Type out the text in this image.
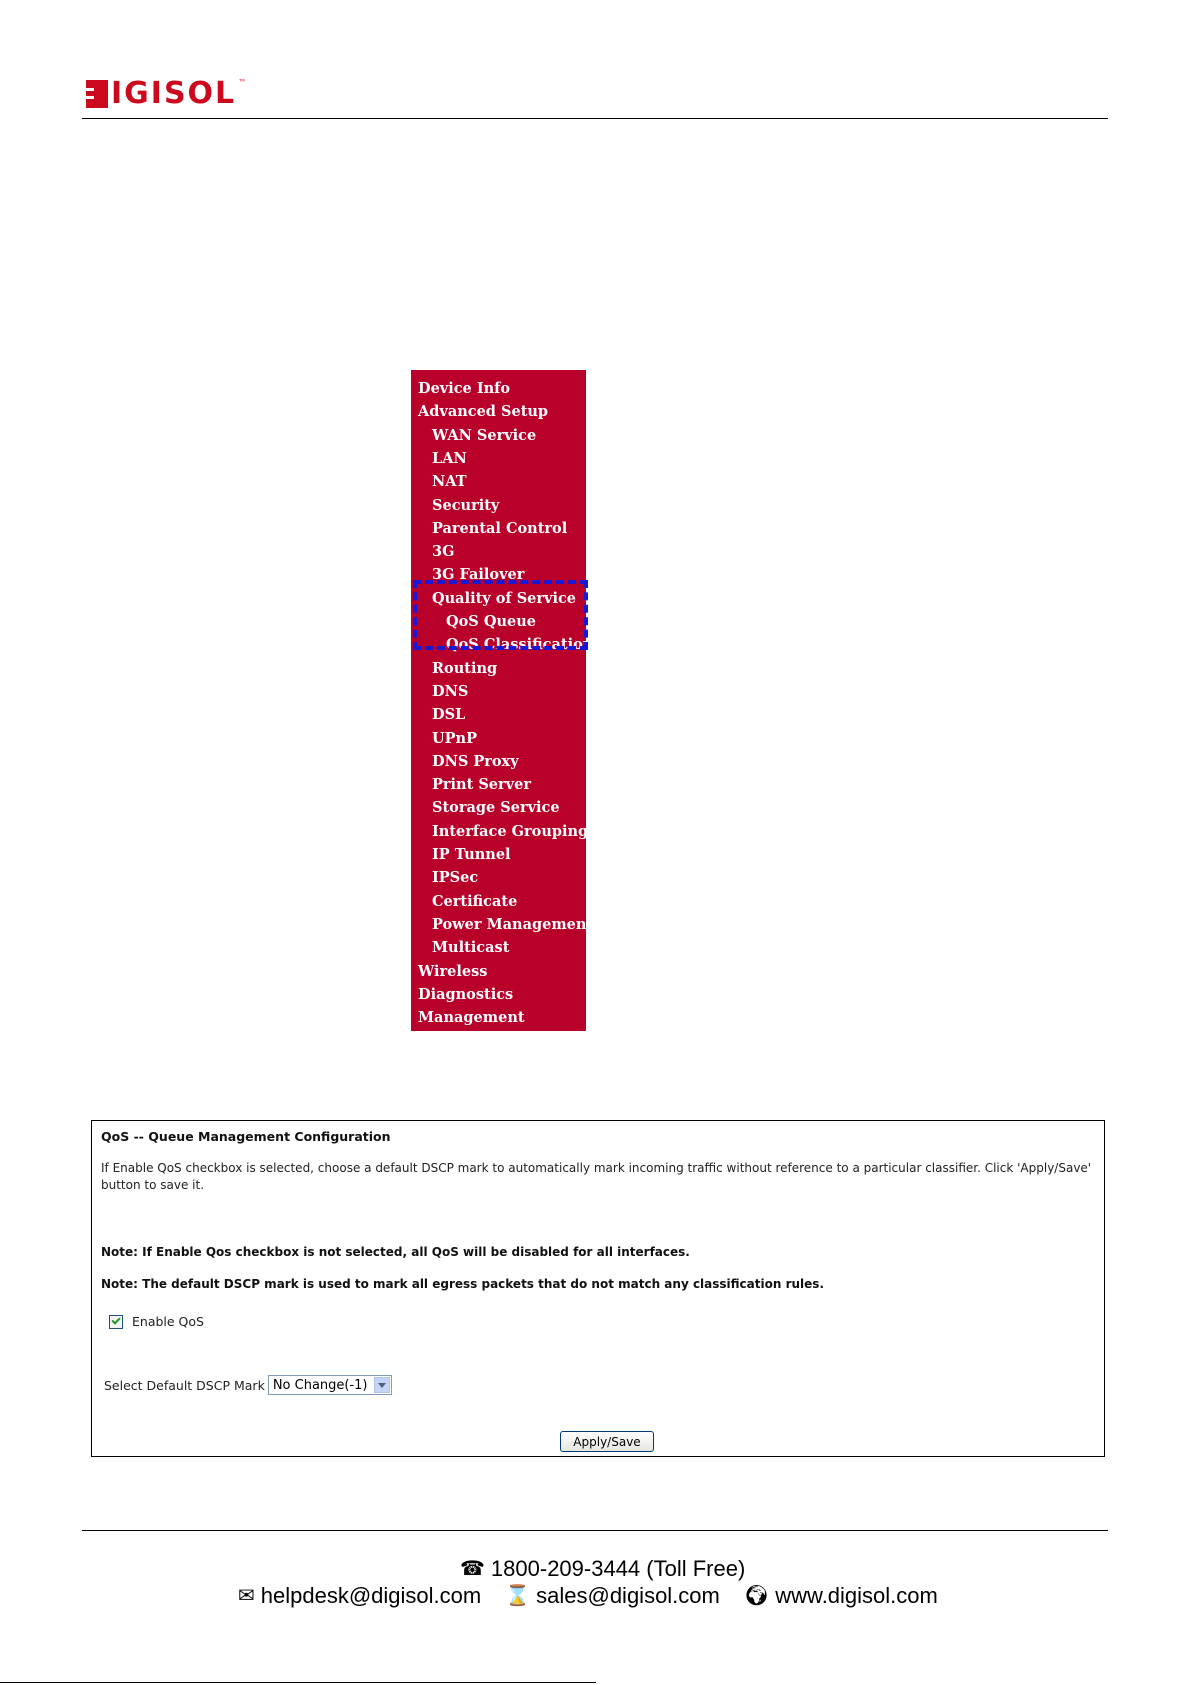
IGISOL ™
Device Info
Advanced Setup
WAN Service
LAN
NAT
Security
Parental Control
3G
3G Failover
Quality of Service
QoS Queue
QoS Classification
Routing
DNS
DSL
UPnP
DNS Proxy
Print Server
Storage Service
Interface Grouping
IP Tunnel
IPSec
Certificate
Power Management
Multicast
Wireless
Diagnostics
Management
QoS -- Queue Management Configuration
If Enable QoS checkbox is selected, choose a default DSCP mark to automatically mark incoming traffic without reference to a particular classifier. Click 'Apply/Save' button to save it.
Note: If Enable Qos checkbox is not selected, all QoS will be disabled for all interfaces.
Note: The default DSCP mark is used to mark all egress packets that do not match any classification rules.
Enable QoS
Select Default DSCP Mark No Change(-1)
Apply/Save
☎ 1800-209-3444 (Toll Free)
✉ helpdesk@digisol.com ⌛ sales@digisol.com 🌍︎ www.digisol.com
